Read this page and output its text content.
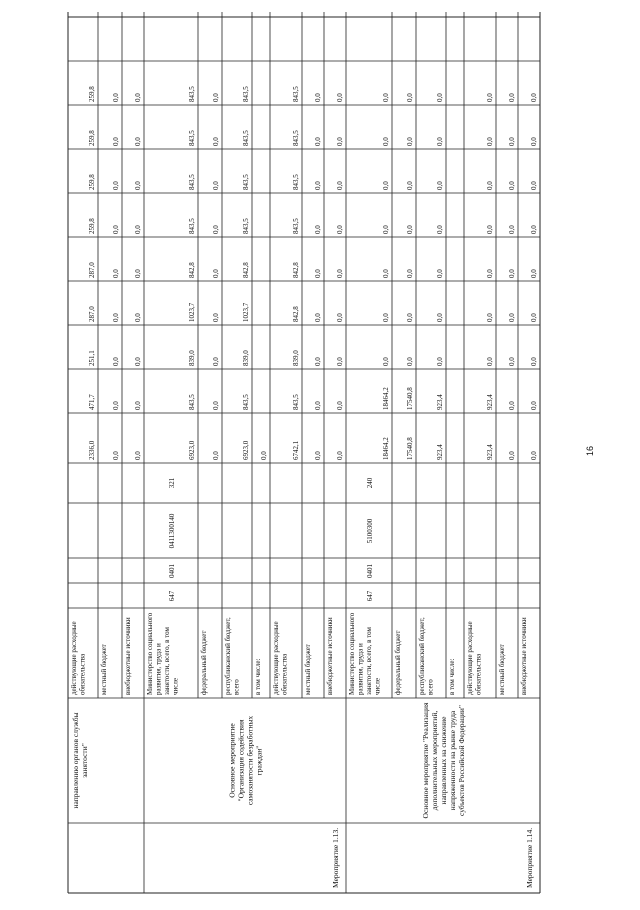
действующие расходные обязательства
2336,0
471,7
251,1
287,0
287,0
259,8
259,8
259,8
259,8
местный бюджет
0,0
0,0
0,0
0,0
0,0
0,0
0,0
0,0
0,0
внебюджетные источники
0,0
0,0
0,0
0,0
0,0
0,0
0,0
0,0
0,0
Министерство социального развития, труда и занятости, всего, в том числе
647
0401
0411300140
321
6923,0
843,5
839,0
1023,7
842,8
843,5
843,5
843,5
843,5
федеральный бюджет
0,0
0,0
0,0
0,0
0,0
0,0
0,0
0,0
0,0
республиканский бюджет, всего
6923,0
843,5
839,0
1023,7
842,8
843,5
843,5
843,5
843,5
в том числе:
0,0
действующие расходные обязательства
6742,1
843,5
839,0
842,8
842,8
843,5
843,5
843,5
843,5
местный бюджет
0,0
0,0
0,0
0,0
0,0
0,0
0,0
0,0
0,0
внебюджетные источники
0,0
0,0
0,0
0,0
0,0
0,0
0,0
0,0
0,0
Министерство социального развития, труда и занятости, всего, в том числе
647
0401
5100300
240
18464,2
18464,2
0,0
0,0
0,0
0,0
0,0
0,0
0,0
федеральный бюджет
17540,8
17540,8
0,0
0,0
0,0
0,0
0,0
0,0
0,0
республиканский бюджет, всего
923,4
923,4
0,0
0,0
0,0
0,0
0,0
0,0
0,0
в том числе: действующие расходные обязательства
923,4
923,4
0,0
0,0
0,0
0,0
0,0
0,0
0,0
местный бюджет
0,0
0,0
0,0
0,0
0,0
0,0
0,0
0,0
0,0
внебюджетные источники
0,0
0,0
0,0
0,0
0,0
0,0
0,0
0,0
0,0
направлению органов службы занятости"
Мероприятие 1.13.
Основное мероприятие "Организация содействия самозанятости безработных граждан"
Мероприятие 1.14.
Основное мероприятие "Реализация дополнительных мероприятий, направленных на снижение напряженности на рынке труда субъектов Российской Федерации"
16
